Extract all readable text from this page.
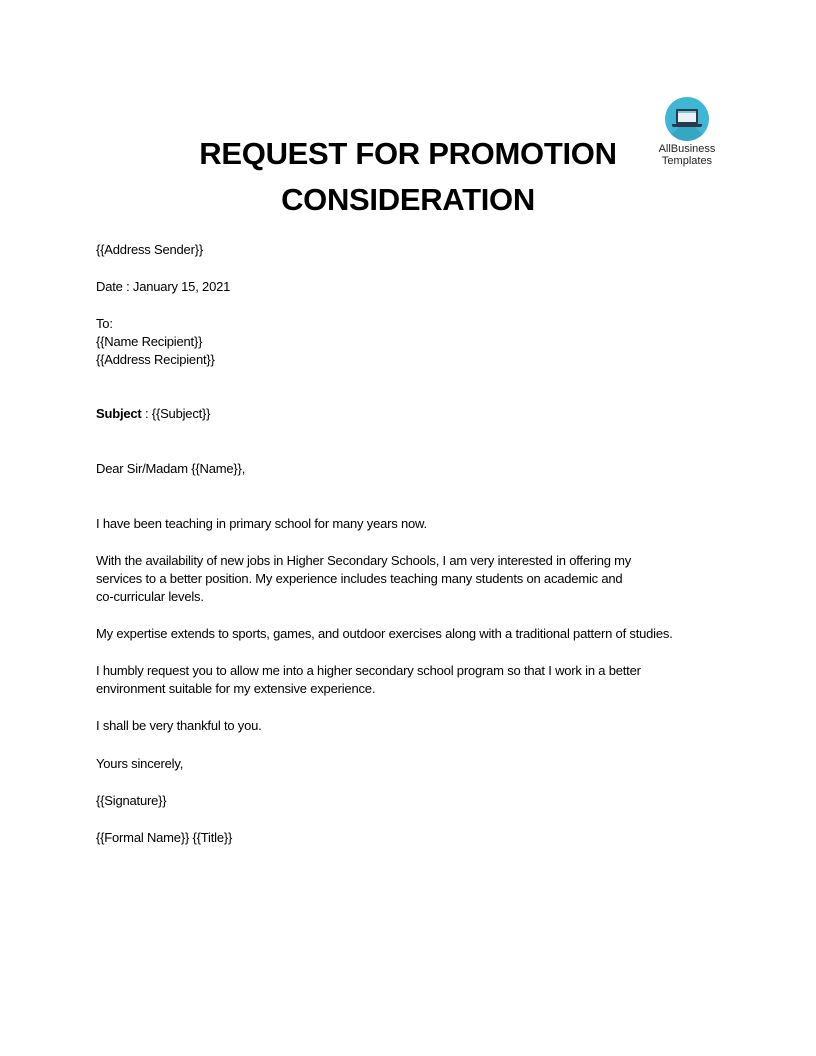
AllBusiness
Templates
REQUEST FOR PROMOTION
CONSIDERATION
{{Address Sender}}
Date : January 15, 2021
To:
{{Name Recipient}}
{{Address Recipient}}
Subject : {{Subject}}
Dear Sir/Madam {{Name}},
I have been teaching in primary school for many years now.
With the availability of new jobs in Higher Secondary Schools, I am very interested in offering my
services to a better position. My experience includes teaching many students on academic and
co-curricular levels.
My expertise extends to sports, games, and outdoor exercises along with a traditional pattern of studies.
I humbly request you to allow me into a higher secondary school program so that I work in a better
environment suitable for my extensive experience.
I shall be very thankful to you.
Yours sincerely,
{{Signature}}
{{Formal Name}} {{Title}}
